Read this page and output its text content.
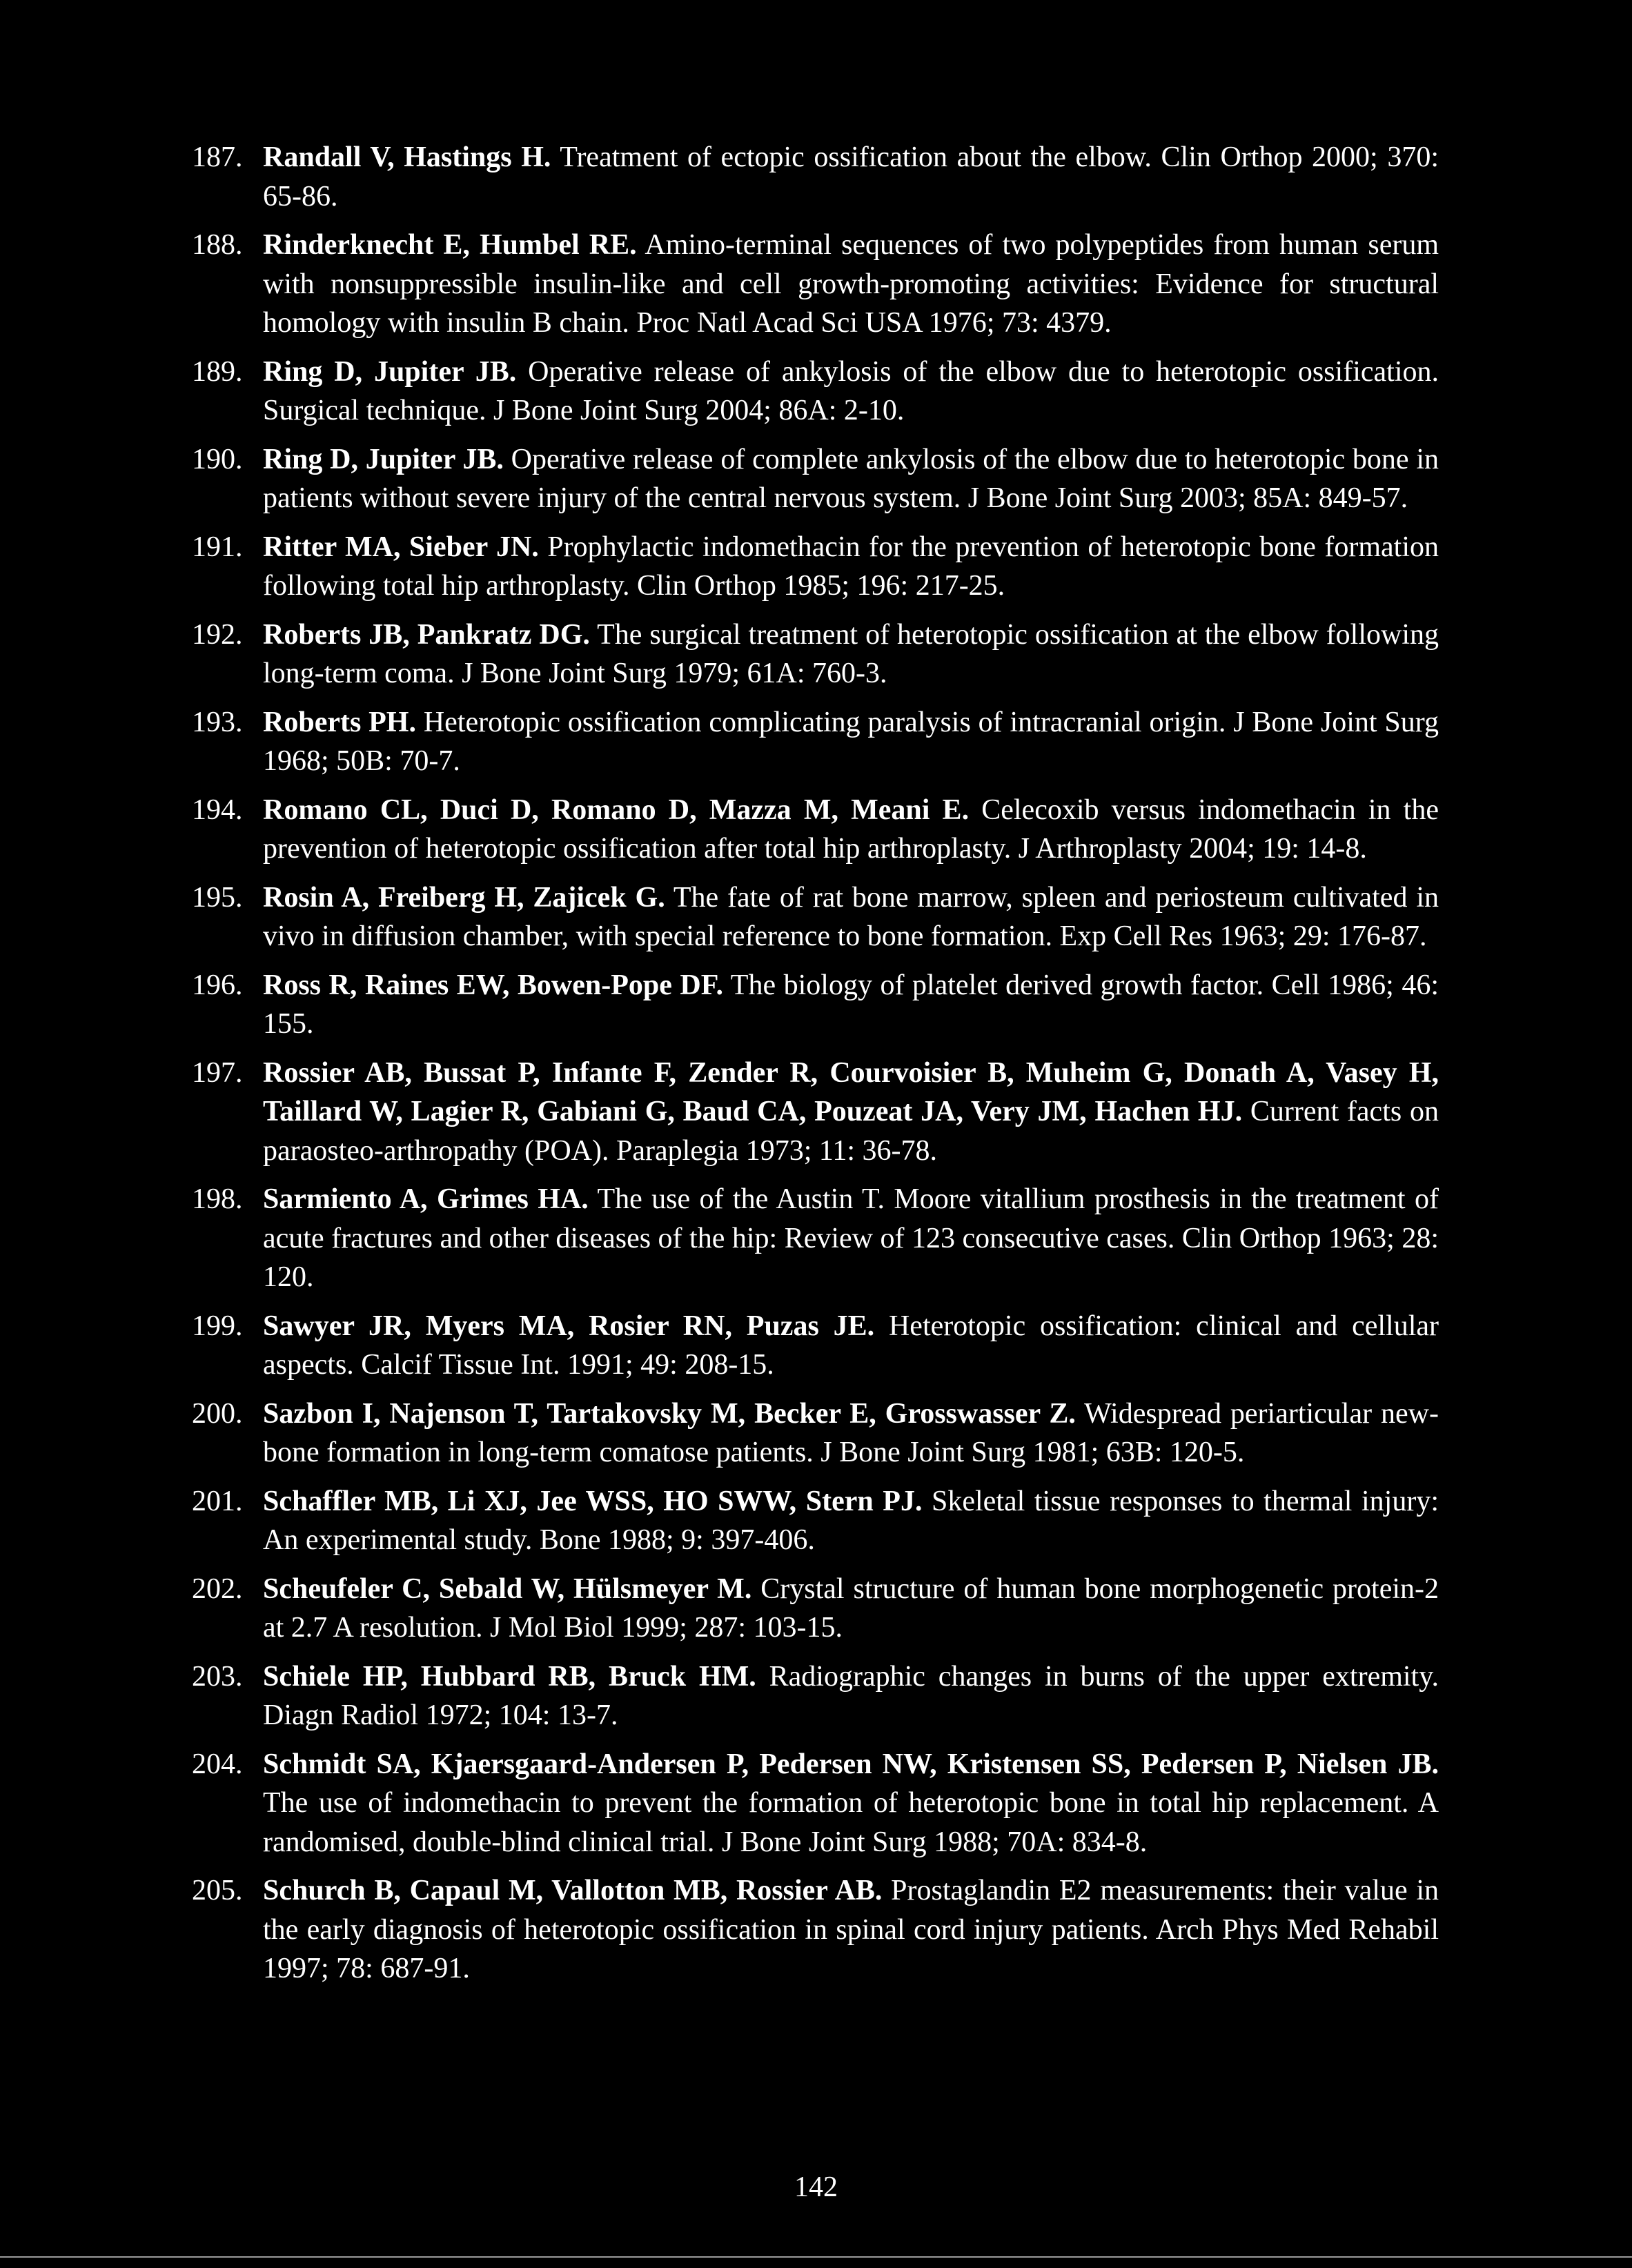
187. Randall V, Hastings H. Treatment of ectopic ossification about the elbow. Clin Orthop 2000; 370: 65-86.
188. Rinderknecht E, Humbel RE. Amino-terminal sequences of two polypeptides from human serum with nonsuppressible insulin-like and cell growth-promoting activities: Evidence for structural homology with insulin B chain. Proc Natl Acad Sci USA 1976; 73: 4379.
189. Ring D, Jupiter JB. Operative release of ankylosis of the elbow due to heterotopic ossification. Surgical technique. J Bone Joint Surg 2004; 86A: 2-10.
190. Ring D, Jupiter JB. Operative release of complete ankylosis of the elbow due to heterotopic bone in patients without severe injury of the central nervous system. J Bone Joint Surg 2003; 85A: 849-57.
191. Ritter MA, Sieber JN. Prophylactic indomethacin for the prevention of heterotopic bone formation following total hip arthroplasty. Clin Orthop 1985; 196: 217-25.
192. Roberts JB, Pankratz DG. The surgical treatment of heterotopic ossification at the elbow following long-term coma. J Bone Joint Surg 1979; 61A: 760-3.
193. Roberts PH. Heterotopic ossification complicating paralysis of intracranial origin. J Bone Joint Surg 1968; 50B: 70-7.
194. Romano CL, Duci D, Romano D, Mazza M, Meani E. Celecoxib versus indomethacin in the prevention of heterotopic ossification after total hip arthroplasty. J Arthroplasty 2004; 19: 14-8.
195. Rosin A, Freiberg H, Zajicek G. The fate of rat bone marrow, spleen and periosteum cultivated in vivo in diffusion chamber, with special reference to bone formation. Exp Cell Res 1963; 29: 176-87.
196. Ross R, Raines EW, Bowen-Pope DF. The biology of platelet derived growth factor. Cell 1986; 46: 155.
197. Rossier AB, Bussat P, Infante F, Zender R, Courvoisier B, Muheim G, Donath A, Vasey H, Taillard W, Lagier R, Gabiani G, Baud CA, Pouzeat JA, Very JM, Hachen HJ. Current facts on paraosteo-arthropathy (POA). Paraplegia 1973; 11: 36-78.
198. Sarmiento A, Grimes HA. The use of the Austin T. Moore vitallium prosthesis in the treatment of acute fractures and other diseases of the hip: Review of 123 consecutive cases. Clin Orthop 1963; 28: 120.
199. Sawyer JR, Myers MA, Rosier RN, Puzas JE. Heterotopic ossification: clinical and cellular aspects. Calcif Tissue Int. 1991; 49: 208-15.
200. Sazbon I, Najenson T, Tartakovsky M, Becker E, Grosswasser Z. Widespread periarticular new-bone formation in long-term comatose patients. J Bone Joint Surg 1981; 63B: 120-5.
201. Schaffler MB, Li XJ, Jee WSS, HO SWW, Stern PJ. Skeletal tissue responses to thermal injury: An experimental study. Bone 1988; 9: 397-406.
202. Scheufeler C, Sebald W, Hülsmeyer M. Crystal structure of human bone morphogenetic protein-2 at 2.7 A resolution. J Mol Biol 1999; 287: 103-15.
203. Schiele HP, Hubbard RB, Bruck HM. Radiographic changes in burns of the upper extremity. Diagn Radiol 1972; 104: 13-7.
204. Schmidt SA, Kjaersgaard-Andersen P, Pedersen NW, Kristensen SS, Pedersen P, Nielsen JB. The use of indomethacin to prevent the formation of heterotopic bone in total hip replacement. A randomised, double-blind clinical trial. J Bone Joint Surg 1988; 70A: 834-8.
205. Schurch B, Capaul M, Vallotton MB, Rossier AB. Prostaglandin E2 measurements: their value in the early diagnosis of heterotopic ossification in spinal cord injury patients. Arch Phys Med Rehabil 1997; 78: 687-91.
142
